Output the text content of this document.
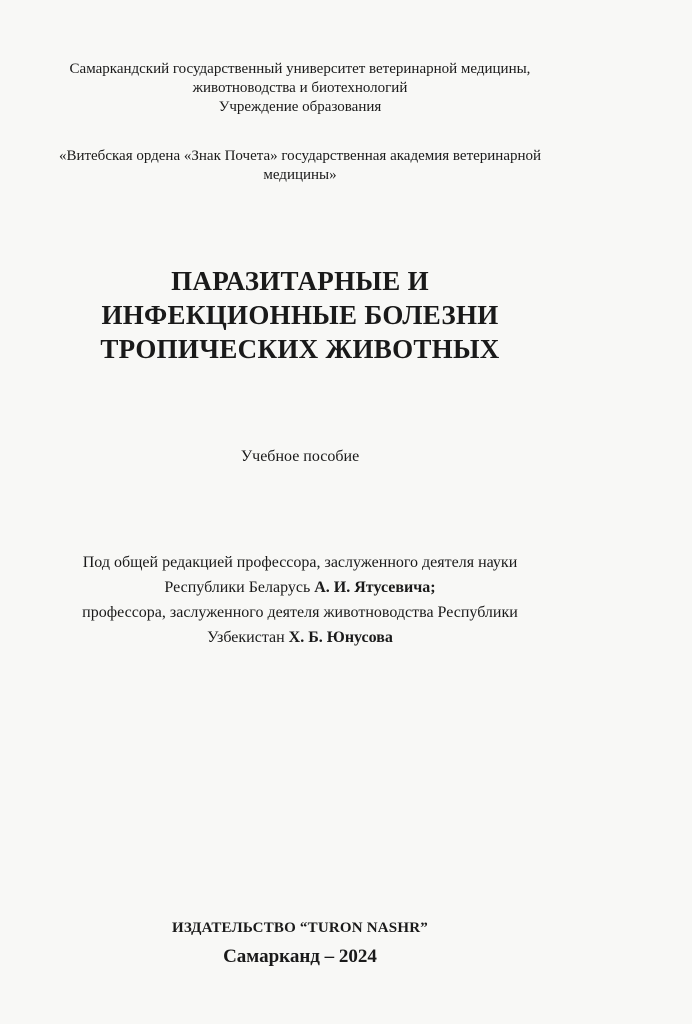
Самаркандский государственный университет ветеринарной медицины,
животноводства и биотехнологий
Учреждение образования
«Витебская ордена «Знак Почета» государственная академия ветеринарной
медицины»
ПАРАЗИТАРНЫЕ И
ИНФЕКЦИОННЫЕ БОЛЕЗНИ
ТРОПИЧЕСКИХ ЖИВОТНЫХ
Учебное пособие
Под общей редакцией профессора, заслуженного деятеля науки
Республики Беларусь А. И. Ятусевича;
профессора, заслуженного деятеля животноводства Республики
Узбекистан Х. Б. Юнусова
ИЗДАТЕЛЬСТВО “TURON NASHR”
Самарканд – 2024
